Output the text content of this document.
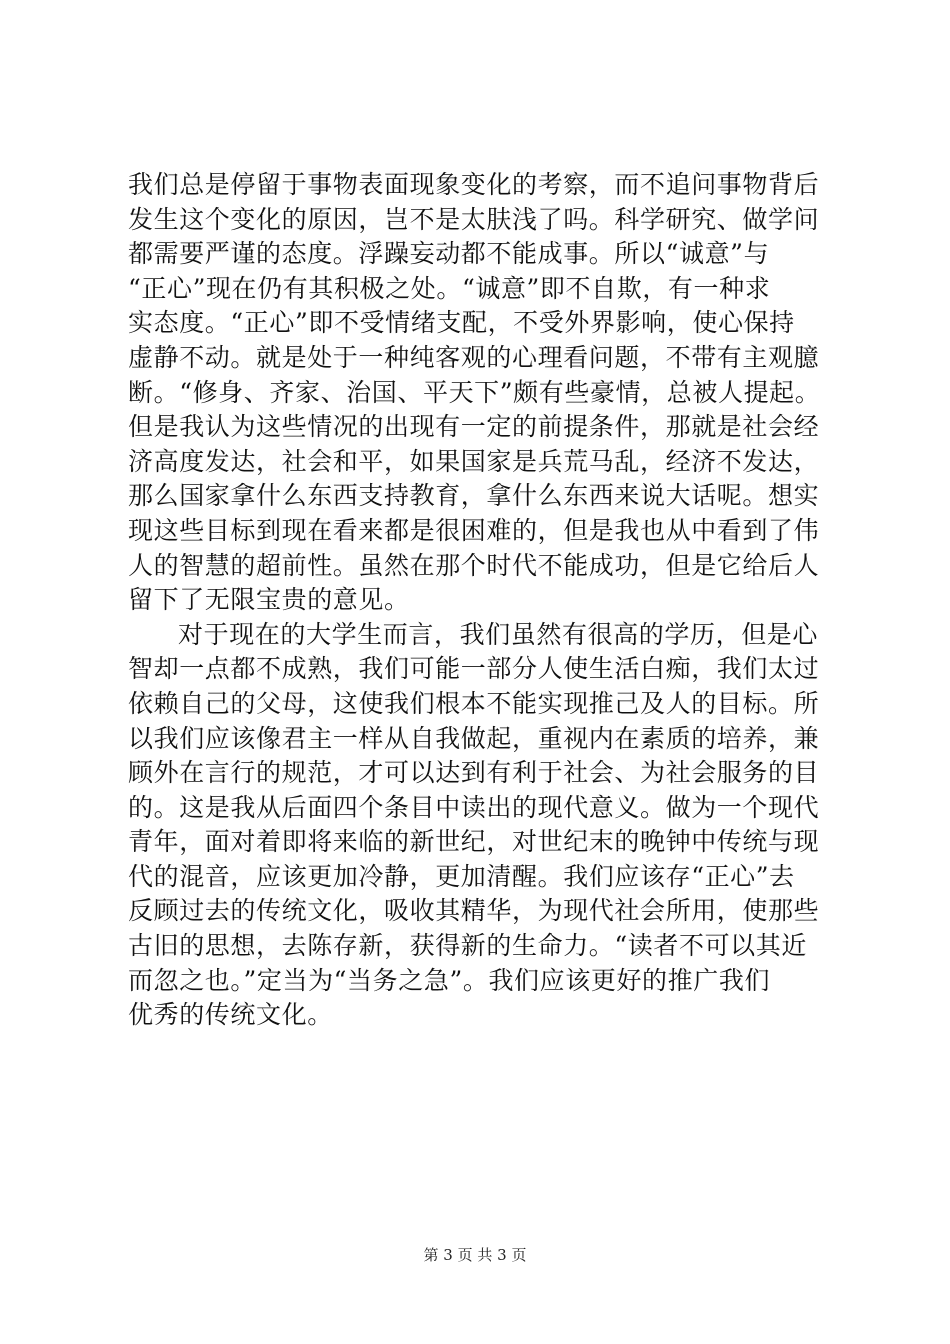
我们总是停留于事物表面现象变化的考察，而不追问事物背后
发生这个变化的原因，岂不是太肤浅了吗。科学研究、做学问
都需要严谨的态度。浮躁妄动都不能成事。所以“诚意”与
“正心”现在仍有其积极之处。“诚意”即不自欺，有一种求
实态度。“正心”即不受情绪支配，不受外界影响，使心保持
虚静不动。就是处于一种纯客观的心理看问题，不带有主观臆
断。“修身、齐家、治国、平天下”颇有些豪情，总被人提起。
但是我认为这些情况的出现有一定的前提条件，那就是社会经
济高度发达，社会和平，如果国家是兵荒马乱，经济不发达，
那么国家拿什么东西支持教育，拿什么东西来说大话呢。想实
现这些目标到现在看来都是很困难的，但是我也从中看到了伟
人的智慧的超前性。虽然在那个时代不能成功，但是它给后人
留下了无限宝贵的意见。
对于现在的大学生而言，我们虽然有很高的学历，但是心
智却一点都不成熟，我们可能一部分人使生活白痴，我们太过
依赖自己的父母，这使我们根本不能实现推己及人的目标。所
以我们应该像君主一样从自我做起，重视内在素质的培养，兼
顾外在言行的规范，才可以达到有利于社会、为社会服务的目
的。这是我从后面四个条目中读出的现代意义。做为一个现代
青年，面对着即将来临的新世纪，对世纪末的晚钟中传统与现
代的混音，应该更加冷静，更加清醒。我们应该存“正心”去
反顾过去的传统文化，吸收其精华，为现代社会所用，使那些
古旧的思想，去陈存新，获得新的生命力。“读者不可以其近
而忽之也。”定当为“当务之急”。我们应该更好的推广我们
优秀的传统文化。
第 3 页 共 3 页
